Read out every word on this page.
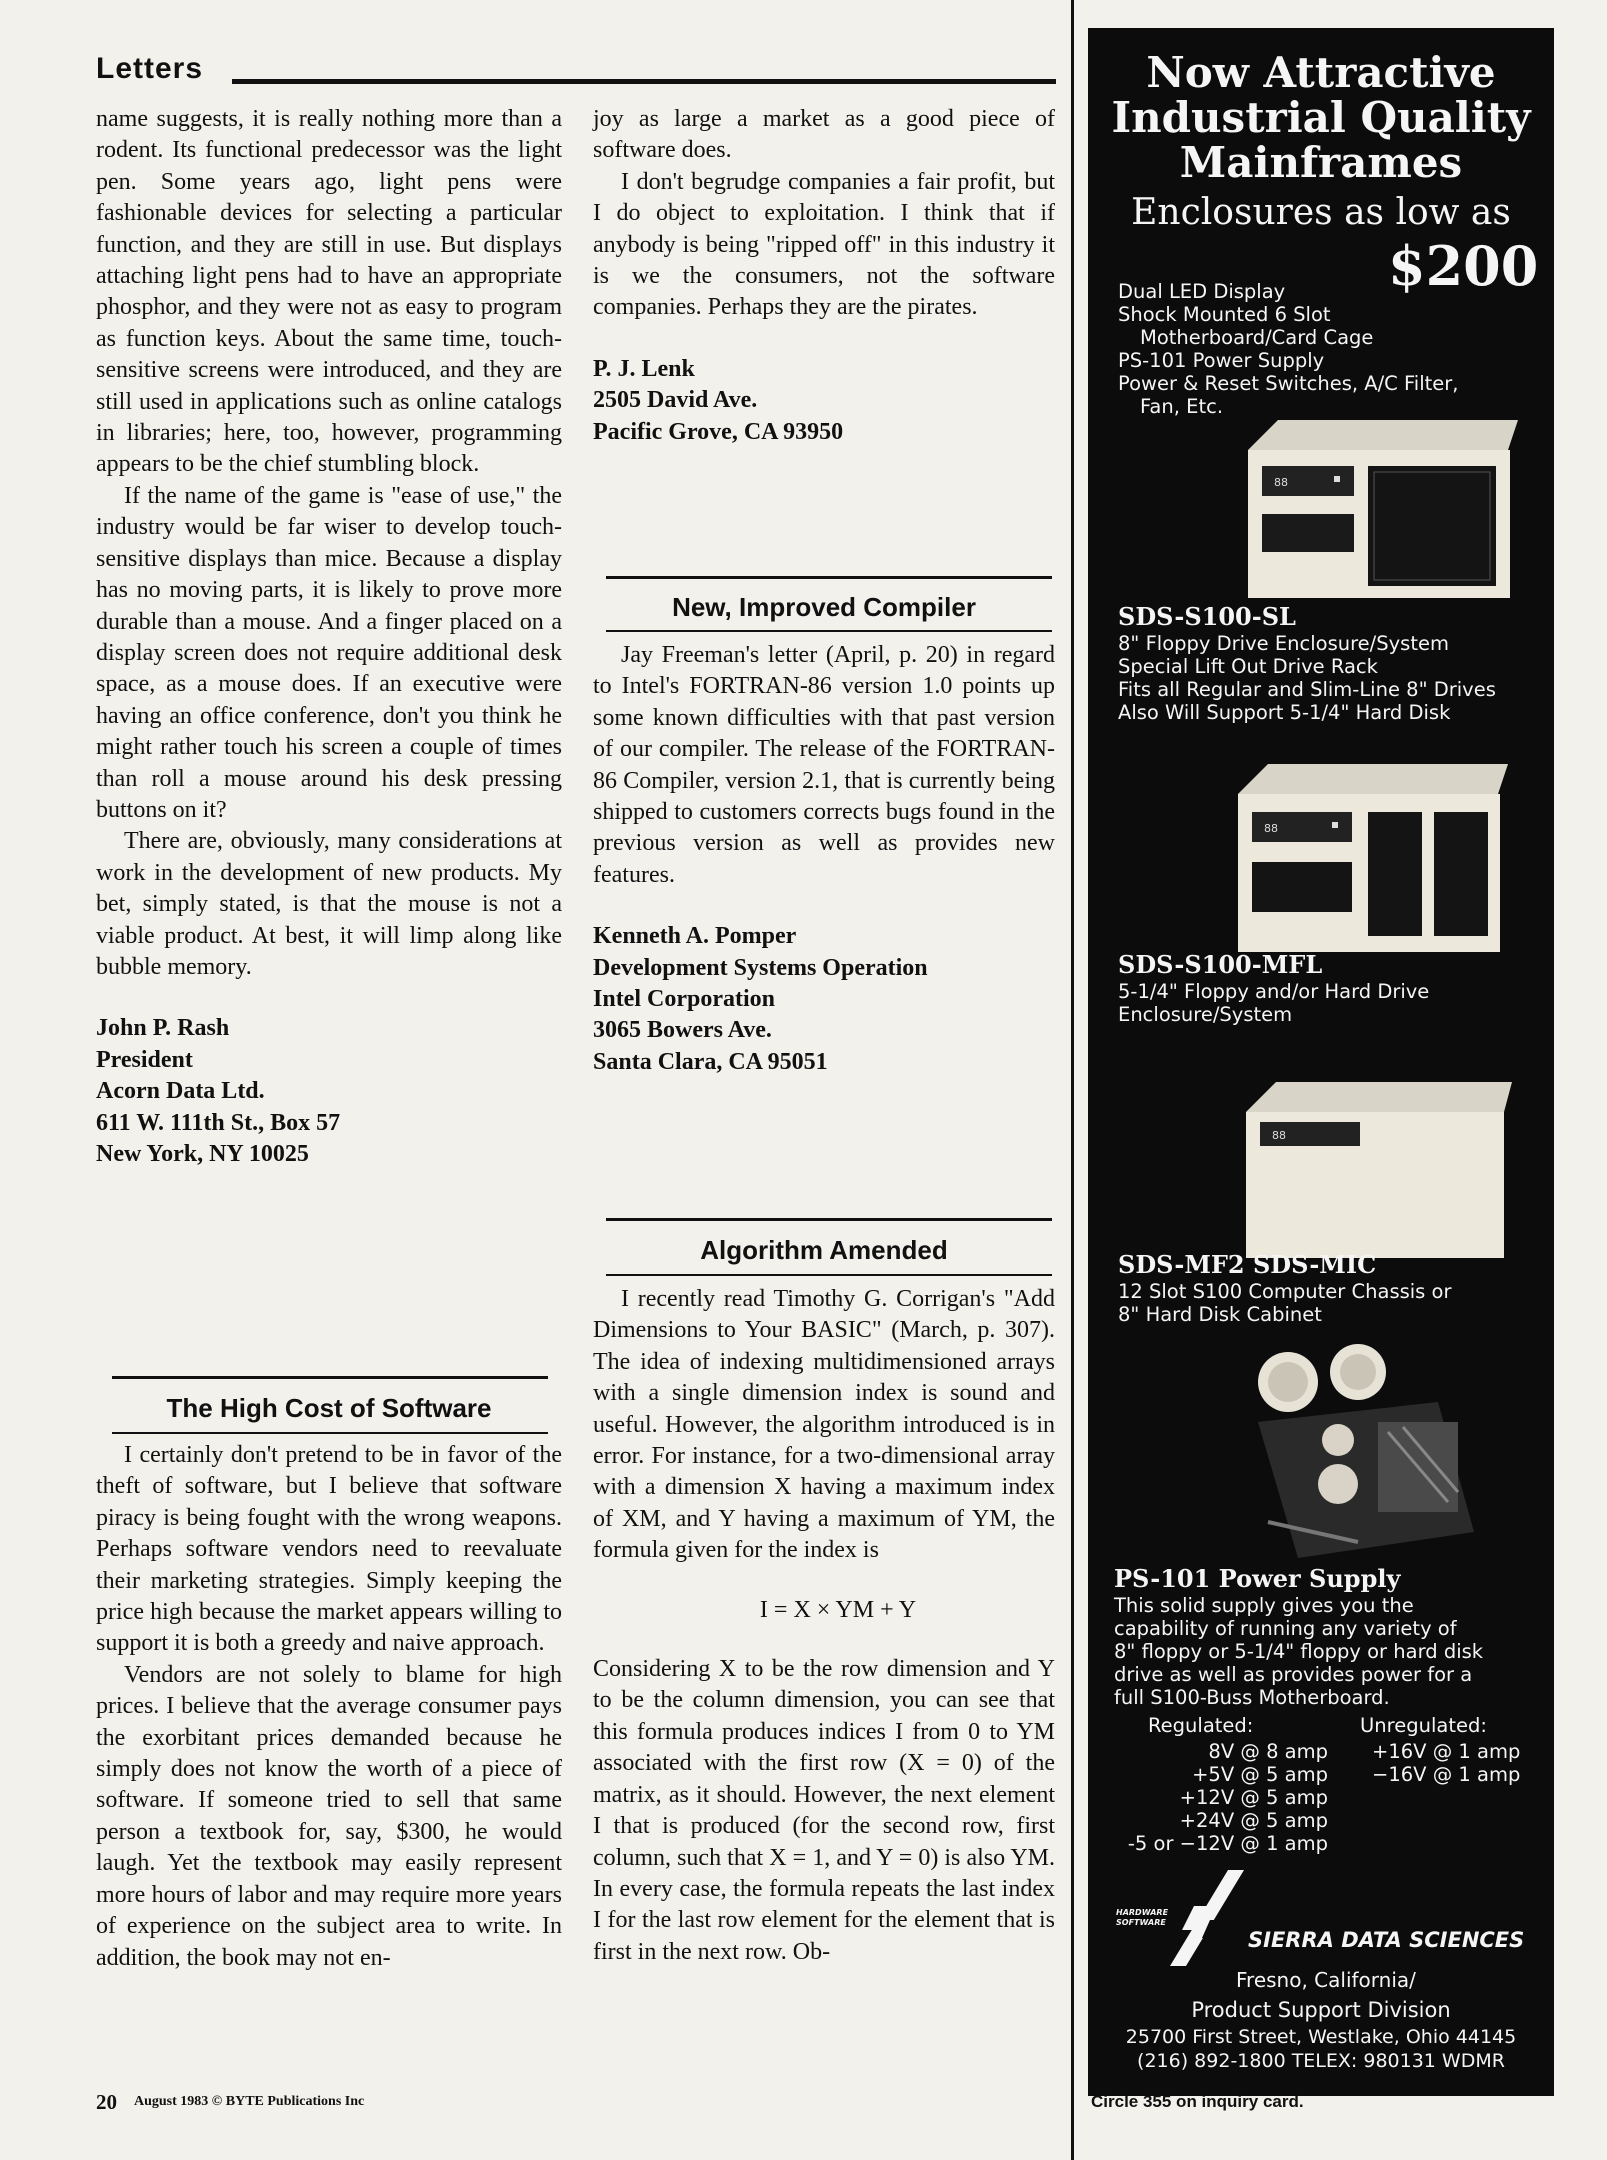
Letters

name suggests, it is really nothing more than a rodent. Its functional predecessor was the light pen. Some years ago, light pens were fashionable devices for selecting a particular function, and they are still in use. But displays attaching light pens had to have an appropriate phosphor, and they were not as easy to program as function keys. About the same time, touch-sensitive screens were introduced, and they are still used in applications such as online catalogs in libraries; here, too, however, programming appears to be the chief stumbling block.

If the name of the game is "ease of use," the industry would be far wiser to develop touch-sensitive displays than mice. Because a display has no moving parts, it is likely to prove more durable than a mouse. And a finger placed on a display screen does not require additional desk space, as a mouse does. If an executive were having an office conference, don't you think he might rather touch his screen a couple of times than roll a mouse around his desk pressing buttons on it?

There are, obviously, many considerations at work in the development of new products. My bet, simply stated, is that the mouse is not a viable product. At best, it will limp along like bubble memory.

John P. Rash
President
Acorn Data Ltd.
611 W. 111th St., Box 57
New York, NY 10025
The High Cost of Software

I certainly don't pretend to be in favor of the theft of software, but I believe that software piracy is being fought with the wrong weapons. Perhaps software vendors need to reevaluate their marketing strategies. Simply keeping the price high because the market appears willing to support it is both a greedy and naive approach.

Vendors are not solely to blame for high prices. I believe that the average consumer pays the exorbitant prices demanded because he simply does not know the worth of a piece of software. If someone tried to sell that same person a textbook for, say, $300, he would laugh. Yet the textbook may easily represent more hours of labor and may require more years of experience on the subject area to write. In addition, the book may not en-

joy as large a market as a good piece of software does.

I don't begrudge companies a fair profit, but I do object to exploitation. I think that if anybody is being "ripped off" in this industry it is we the consumers, not the software companies. Perhaps they are the pirates.

P. J. Lenk
2505 David Ave.
Pacific Grove, CA 93950
New, Improved Compiler

Jay Freeman's letter (April, p. 20) in regard to Intel's FORTRAN-86 version 1.0 points up some known difficulties with that past version of our compiler. The release of the FORTRAN-86 Compiler, version 2.1, that is currently being shipped to customers corrects bugs found in the previous version as well as provides new features.

Kenneth A. Pomper
Development Systems Operation
Intel Corporation
3065 Bowers Ave.
Santa Clara, CA 95051
Algorithm Amended

I recently read Timothy G. Corrigan's "Add Dimensions to Your BASIC" (March, p. 307). The idea of indexing multidimensioned arrays with a single dimension index is sound and useful. However, the algorithm introduced is in error. For instance, for a two-dimensional array with a dimension X having a maximum index of XM, and Y having a maximum of YM, the formula given for the index is

I = X × YM + Y

Considering X to be the row dimension and Y to be the column dimension, you can see that this formula produces indices I from 0 to YM associated with the first row (X = 0) of the matrix, as it should. However, the next element I that is produced (for the second row, first column, such that X = 1, and Y = 0) is also YM. In every case, the formula repeats the last index I for the last row element for the element that is first in the next row. Ob-

Now Attractive
Industrial Quality
Mainframes
Enclosures as low as
$200
Dual LED Display
Shock Mounted 6 Slot
Motherboard/Card Cage
PS-101 Power Supply
Power & Reset Switches, A/C Filter,
Fan, Etc.
88
SDS-S100-SL
8" Floppy Drive Enclosure/System
Special Lift Out Drive Rack
Fits all Regular and Slim-Line 8" Drives
Also Will Support 5-1/4" Hard Disk
88
SDS-S100-MFL
5-1/4" Floppy and/or Hard Drive
Enclosure/System
88
SDS-MF2 SDS-MIC
12 Slot S100 Computer Chassis or
8" Hard Disk Cabinet
PS-101 Power Supply
This solid supply gives you the
capability of running any variety of
8" floppy or 5-1/4" floppy or hard disk
drive as well as provides power for a
full S100-Buss Motherboard.
Regulated:	Unregulated:
8V @ 8 amp
+5V @ 5 amp
+12V @ 5 amp
+24V @ 5 amp
-5 or −12V @ 1 amp
+16V @ 1 amp
−16V @ 1 amp
HARDWARE
SOFTWARE
SIERRA DATA SCIENCES
Fresno, California/
Product Support Division
25700 First Street, Westlake, Ohio 44145
(216) 892-1800 TELEX: 980131 WDMR
20 August 1983 © BYTE Publications Inc	Circle 355 on inquiry card.
